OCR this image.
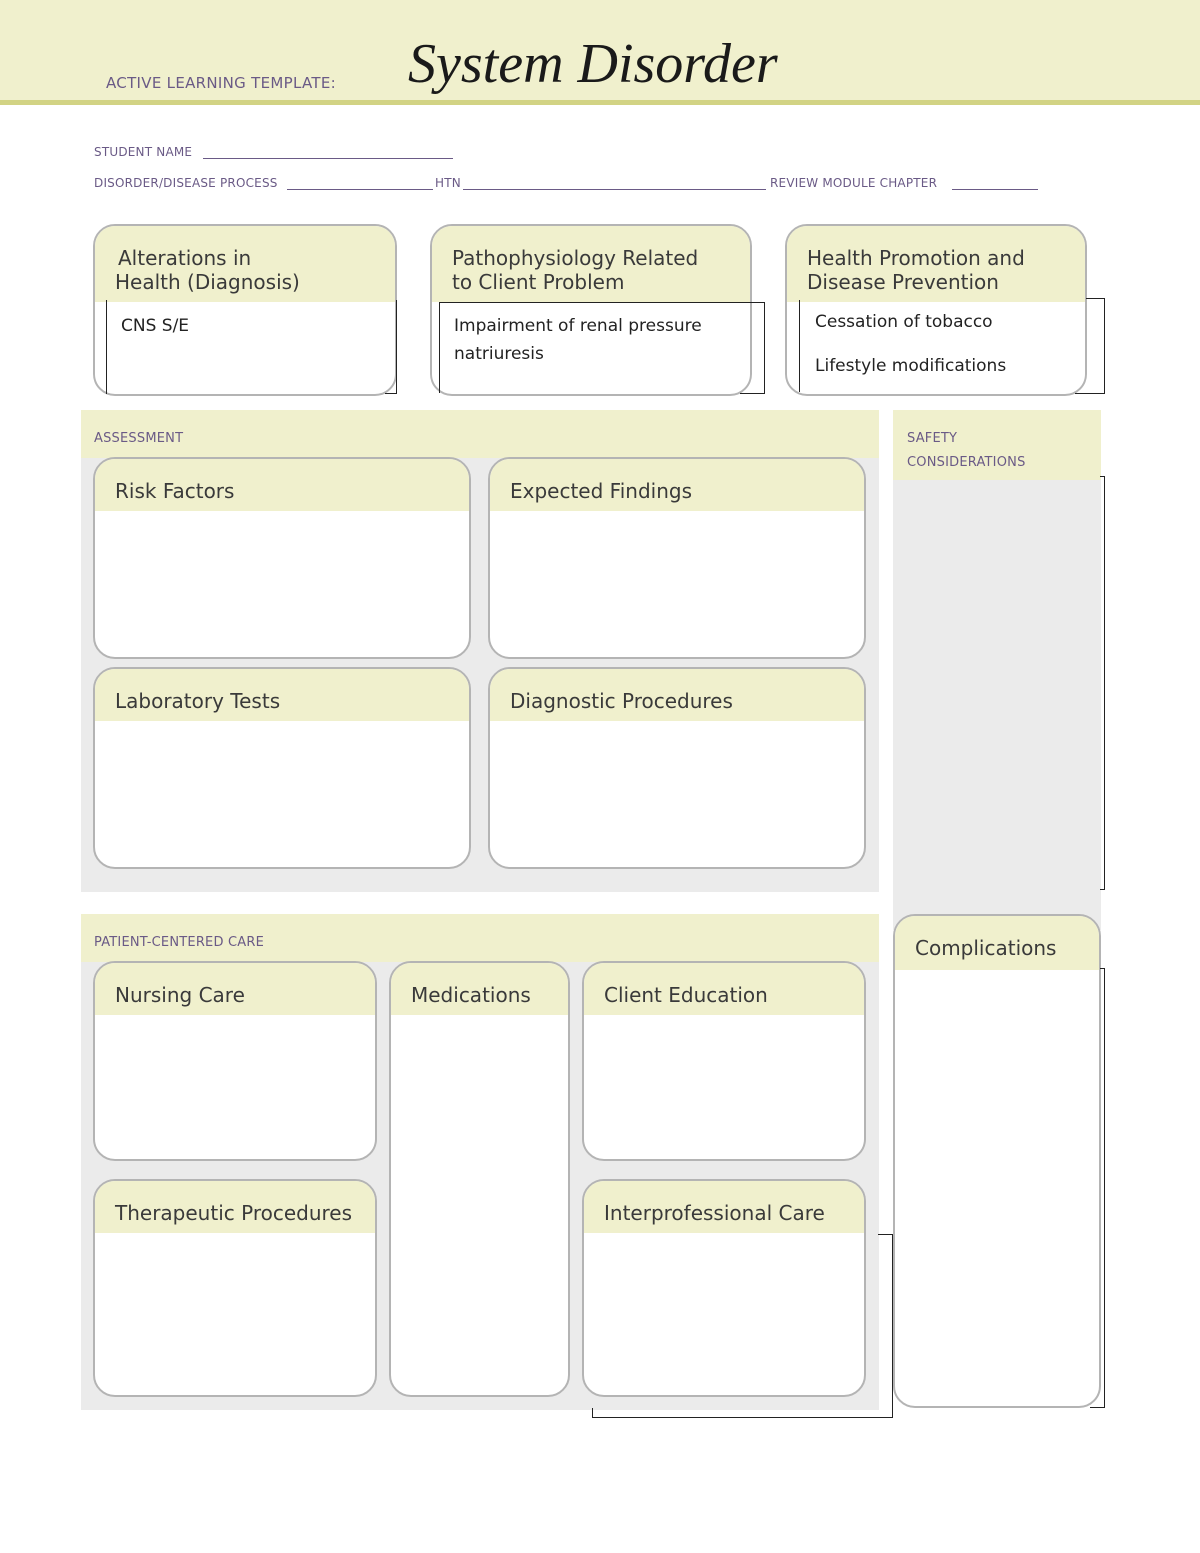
ACTIVE LEARNING TEMPLATE: System Disorder
STUDENT NAME
DISORDER/DISEASE PROCESS	HTN	REVIEW MODULE CHAPTER
Alterations in
Health (Diagnosis)
CNS S/E
Pathophysiology Related
to Client Problem
Impairment of renal pressure
natriuresis
Health Promotion and
Disease Prevention
Cessation of tobacco
Lifestyle modifications
ASSESSMENT
Risk Factors	Expected Findings
Laboratory Tests	Diagnostic Procedures
SAFETY
CONSIDERATIONS
PATIENT-CENTERED CARE
Nursing Care	Medications	Client Education
Therapeutic Procedures	Interprofessional Care
Complications
